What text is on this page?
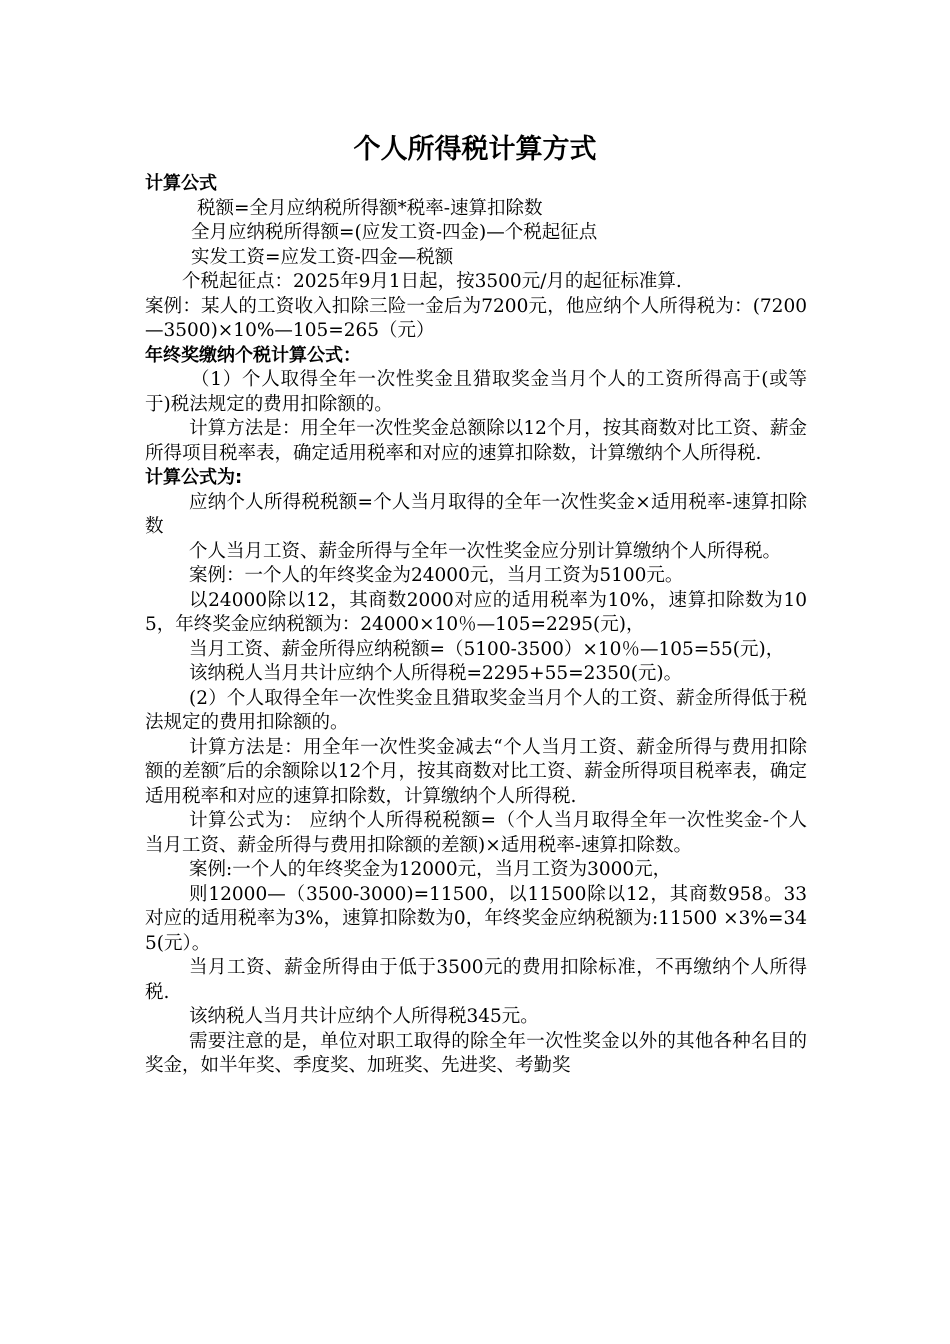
个人所得税计算方式

计算公式

税额=全月应纳税所得额*税率-速算扣除数

全月应纳税所得额=(应发工资-四金)—个税起征点

实发工资=应发工资-四金—税额

个税起征点：2025年9月1日起，按3500元/月的起征标准算.

案例：某人的工资收入扣除三险一金后为7200元，他应纳个人所得税为：(7200—3500)×10%—105=265（元）

年终奖缴纳个税计算公式：

（1）个人取得全年一次性奖金且猎取奖金当月个人的工资所得高于(或等于)税法规定的费用扣除额的。

计算方法是：用全年一次性奖金总额除以12个月，按其商数对比工资、薪金所得项目税率表，确定适用税率和对应的速算扣除数，计算缴纳个人所得税.

计算公式为:

应纳个人所得税税额=个人当月取得的全年一次性奖金×适用税率-速算扣除数

个人当月工资、薪金所得与全年一次性奖金应分别计算缴纳个人所得税。

案例：一个人的年终奖金为24000元，当月工资为5100元。

以24000除以12，其商数2000对应的适用税率为10%，速算扣除数为105，年终奖金应纳税额为：24000×10％—105=2295(元)，

当月工资、薪金所得应纳税额=（5100-3500）×10％—105=55(元)，

该纳税人当月共计应纳个人所得税=2295+55=2350(元)。

(2）个人取得全年一次性奖金且猎取奖金当月个人的工资、薪金所得低于税法规定的费用扣除额的。

计算方法是：用全年一次性奖金减去“个人当月工资、薪金所得与费用扣除额的差额″后的余额除以12个月，按其商数对比工资、薪金所得项目税率表，确定适用税率和对应的速算扣除数，计算缴纳个人所得税.

计算公式为： 应纳个人所得税税额=（个人当月取得全年一次性奖金-个人当月工资、薪金所得与费用扣除额的差额)×适用税率-速算扣除数。

案例:一个人的年终奖金为12000元，当月工资为3000元，

则12000—（3500-3000)=11500，以11500除以12，其商数958。33对应的适用税率为3%，速算扣除数为0，年终奖金应纳税额为:11500 ×3%=345(元）。

当月工资、薪金所得由于低于3500元的费用扣除标准，不再缴纳个人所得税.

该纳税人当月共计应纳个人所得税345元。

需要注意的是，单位对职工取得的除全年一次性奖金以外的其他各种名目的奖金，如半年奖、季度奖、加班奖、先进奖、考勤奖
